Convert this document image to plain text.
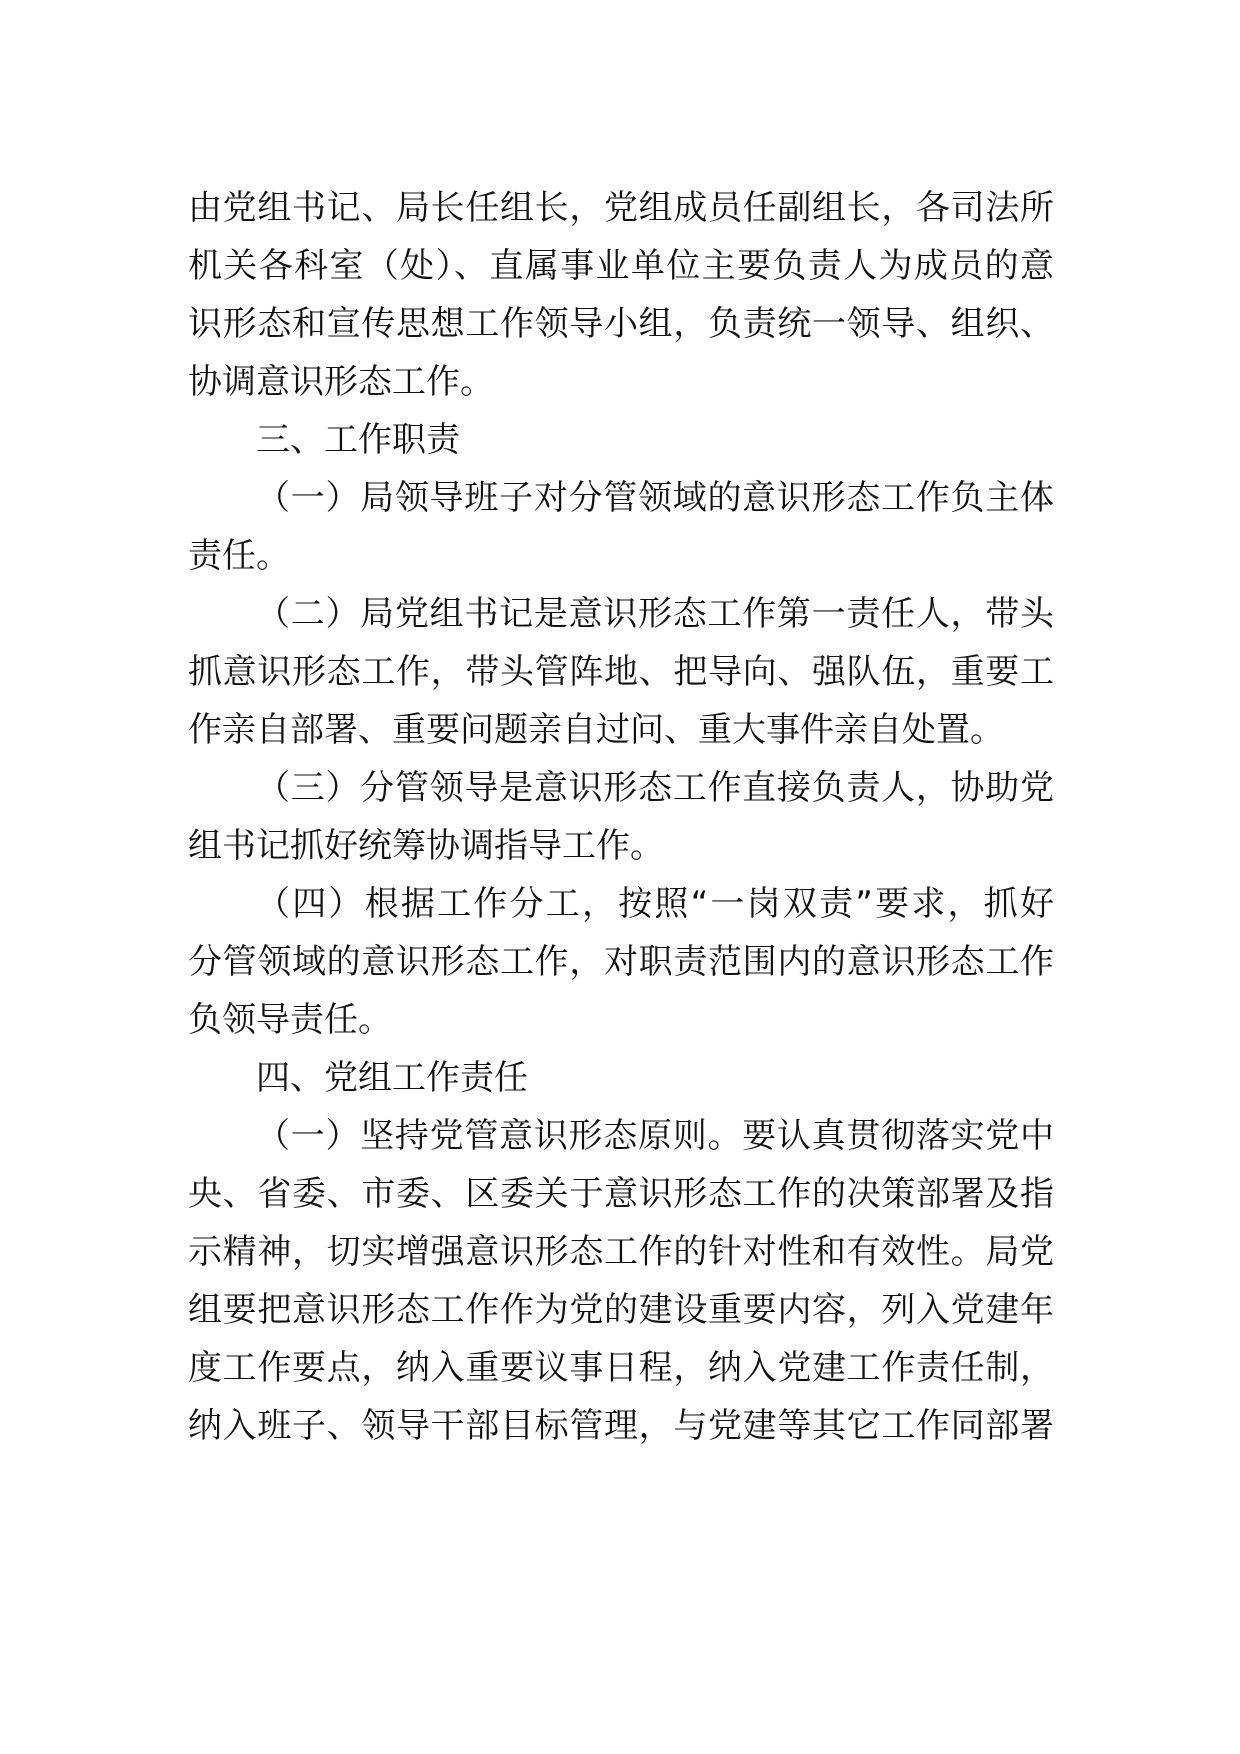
由党组书记、局长任组长，党组成员任副组长，各司法所
机关各科室（处）、直属事业单位主要负责人为成员的意
识形态和宣传思想工作领导小组，负责统一领导、组织、
协调意识形态工作。
三、工作职责
（一）局领导班子对分管领域的意识形态工作负主体
责任。
（二）局党组书记是意识形态工作第一责任人，带头
抓意识形态工作，带头管阵地、把导向、强队伍，重要工
作亲自部署、重要问题亲自过问、重大事件亲自处置。
（三）分管领导是意识形态工作直接负责人，协助党
组书记抓好统筹协调指导工作。
（四）根据工作分工，按照“一岗双责”要求，抓好
分管领域的意识形态工作，对职责范围内的意识形态工作
负领导责任。
四、党组工作责任
（一）坚持党管意识形态原则。要认真贯彻落实党中
央、省委、市委、区委关于意识形态工作的决策部署及指
示精神，切实增强意识形态工作的针对性和有效性。局党
组要把意识形态工作作为党的建设重要内容，列入党建年
度工作要点，纳入重要议事日程，纳入党建工作责任制，
纳入班子、领导干部目标管理，与党建等其它工作同部署
